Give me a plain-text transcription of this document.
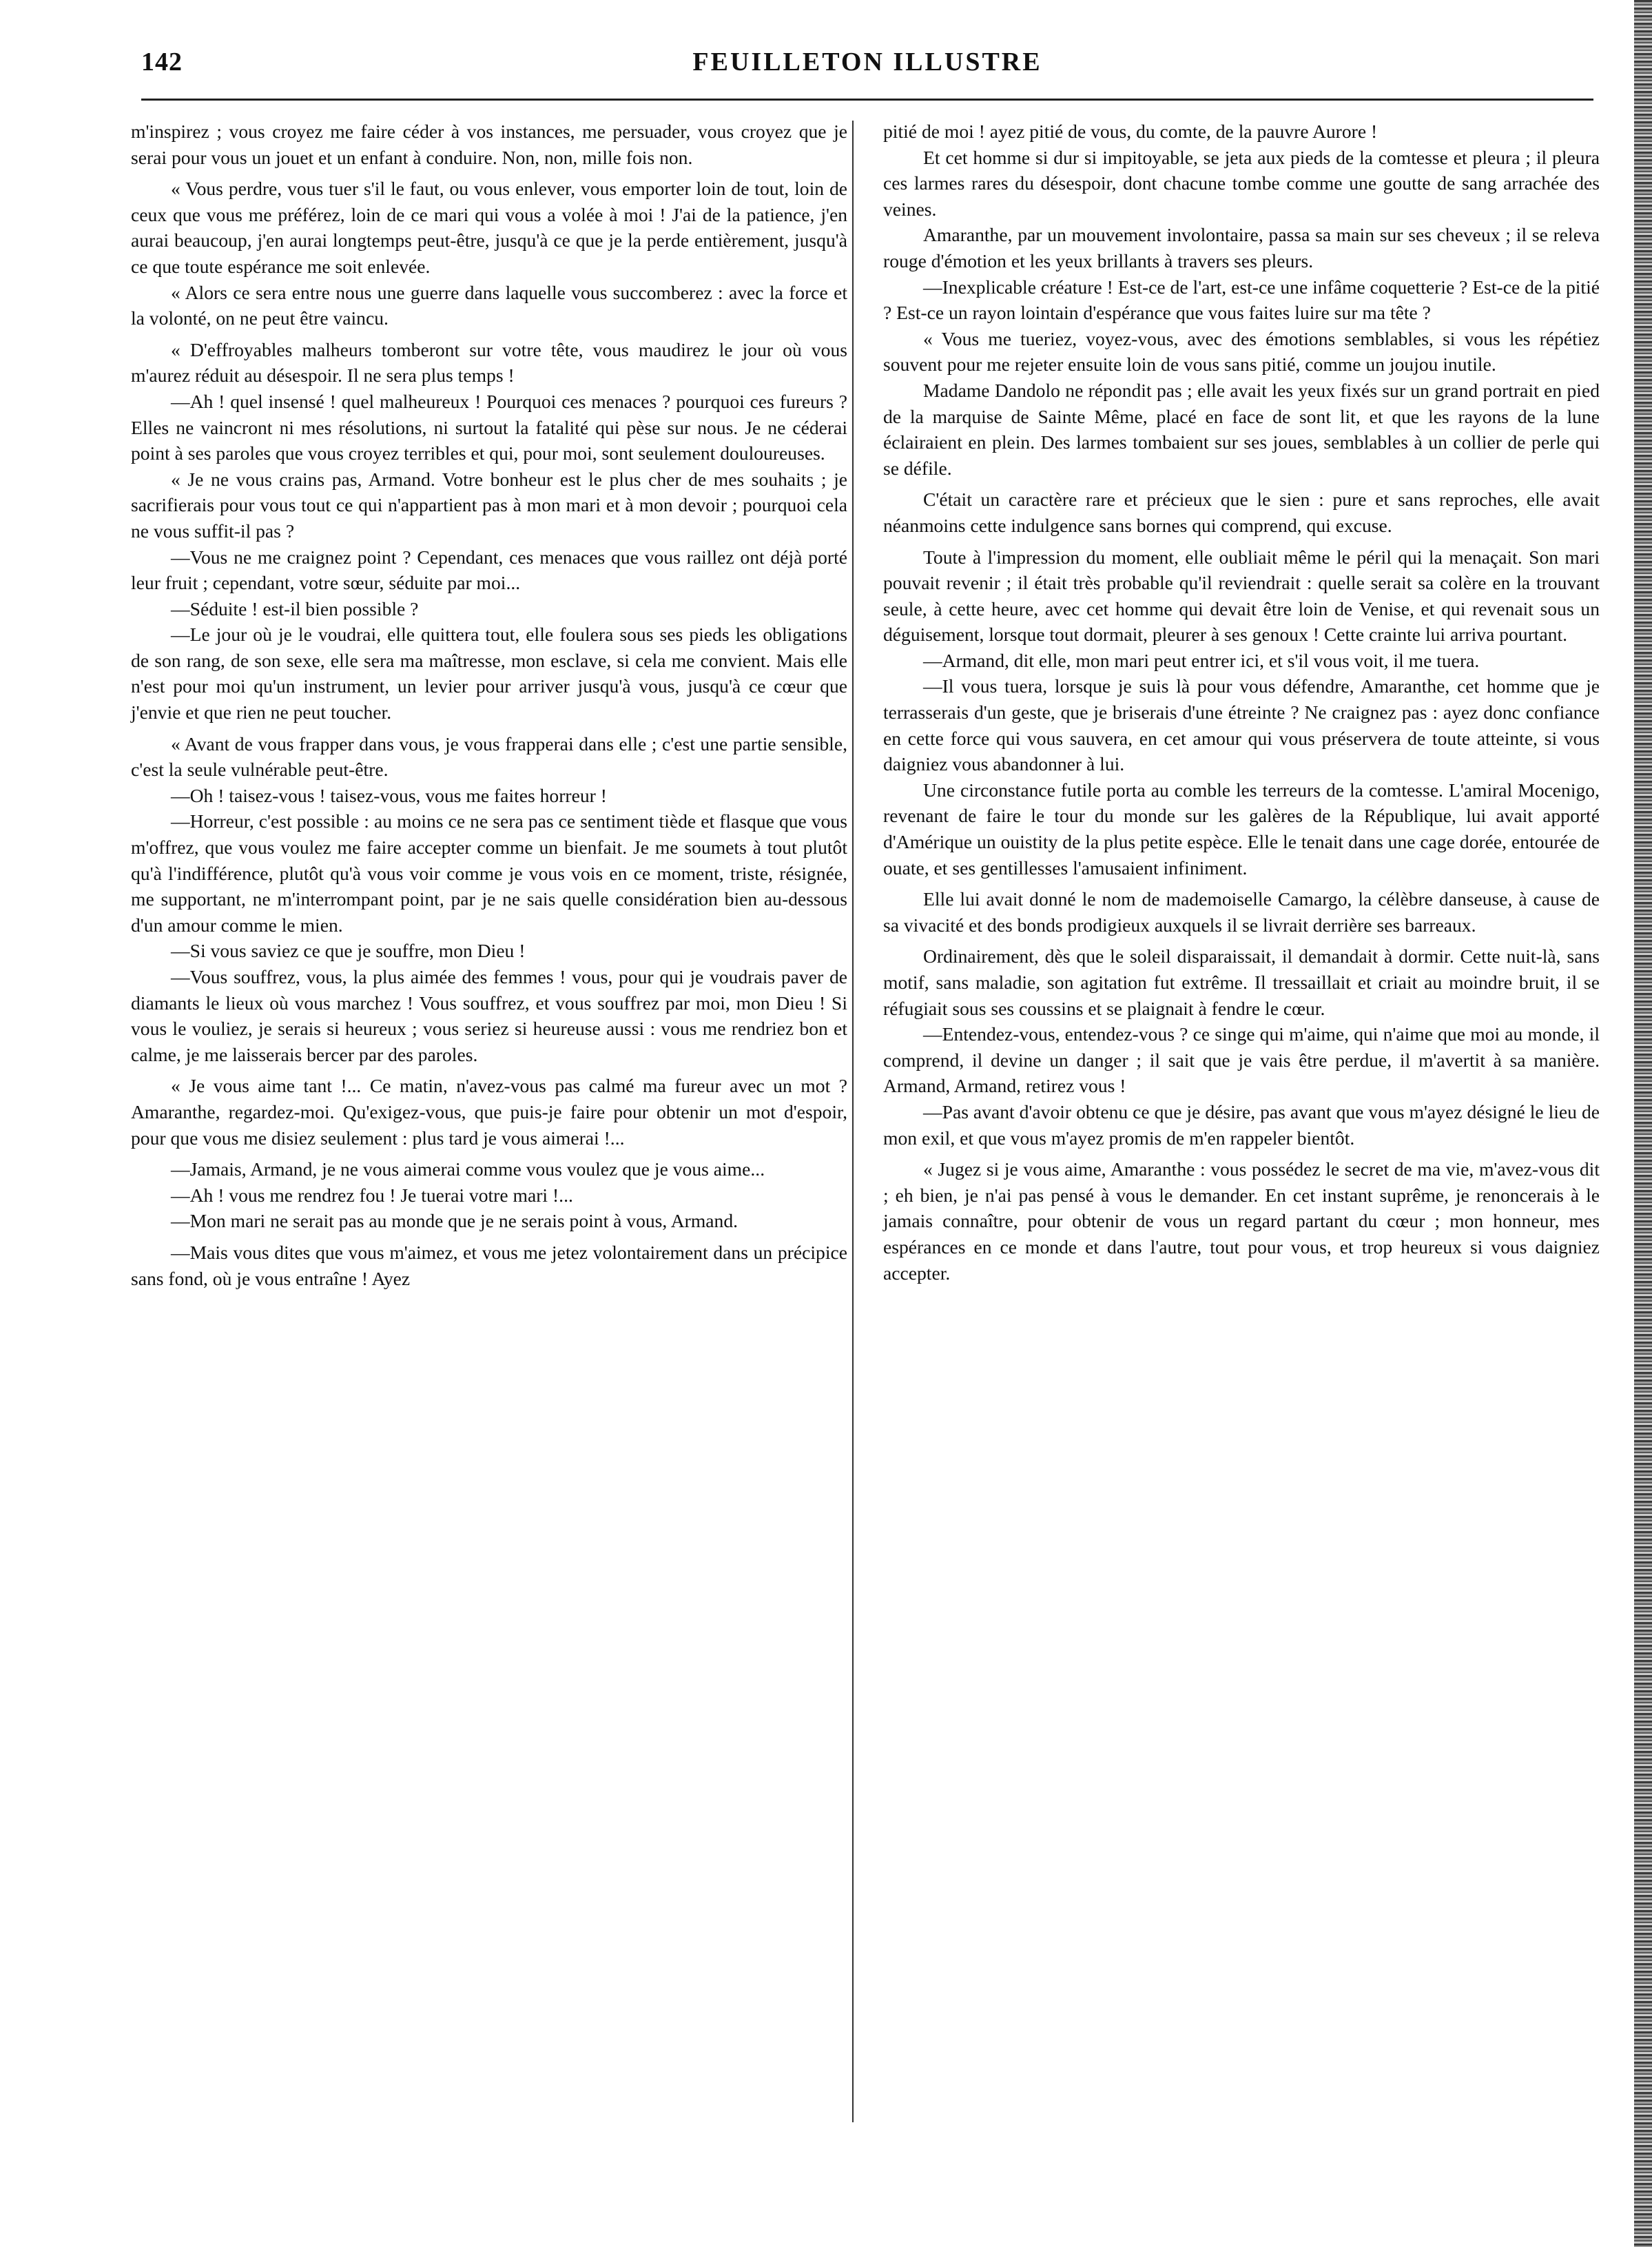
142	FEUILLETON ILLUSTRE

m'inspirez ; vous croyez me faire céder à vos instances, me persuader, vous croyez que je serai pour vous un jouet et un enfant à conduire. Non, non, mille fois non.

« Vous perdre, vous tuer s'il le faut, ou vous enlever, vous emporter loin de tout, loin de ceux que vous me préférez, loin de ce mari qui vous a volée à moi ! J'ai de la patience, j'en aurai beaucoup, j'en aurai longtemps peut-être, jusqu'à ce que je la perde entièrement, jusqu'à ce que toute espérance me soit enlevée.

« Alors ce sera entre nous une guerre dans laquelle vous succomberez : avec la force et la volonté, on ne peut être vaincu.

« D'effroyables malheurs tomberont sur votre tête, vous maudirez le jour où vous m'aurez réduit au désespoir. Il ne sera plus temps !

—Ah ! quel insensé ! quel malheureux ! Pourquoi ces menaces ? pourquoi ces fureurs ? Elles ne vaincront ni mes résolutions, ni surtout la fatalité qui pèse sur nous. Je ne céderai point à ses paroles que vous croyez terribles et qui, pour moi, sont seulement douloureuses.

« Je ne vous crains pas, Armand. Votre bonheur est le plus cher de mes souhaits ; je sacrifierais pour vous tout ce qui n'appartient pas à mon mari et à mon devoir ; pourquoi cela ne vous suffit-il pas ?

—Vous ne me craignez point ? Cependant, ces menaces que vous raillez ont déjà porté leur fruit ; cependant, votre sœur, séduite par moi...

—Séduite ! est-il bien possible ?

—Le jour où je le voudrai, elle quittera tout, elle foulera sous ses pieds les obligations de son rang, de son sexe, elle sera ma maîtresse, mon esclave, si cela me convient. Mais elle n'est pour moi qu'un instrument, un levier pour arriver jusqu'à vous, jusqu'à ce cœur que j'envie et que rien ne peut toucher.

« Avant de vous frapper dans vous, je vous frapperai dans elle ; c'est une partie sensible, c'est la seule vulnérable peut-être.

—Oh ! taisez-vous ! taisez-vous, vous me faites horreur !

—Horreur, c'est possible : au moins ce ne sera pas ce sentiment tiède et flasque que vous m'offrez, que vous voulez me faire accepter comme un bienfait. Je me soumets à tout plutôt qu'à l'indifférence, plutôt qu'à vous voir comme je vous vois en ce moment, triste, résignée, me supportant, ne m'interrompant point, par je ne sais quelle considération bien au-dessous d'un amour comme le mien.

—Si vous saviez ce que je souffre, mon Dieu !

—Vous souffrez, vous, la plus aimée des femmes ! vous, pour qui je voudrais paver de diamants le lieux où vous marchez ! Vous souffrez, et vous souffrez par moi, mon Dieu ! Si vous le vouliez, je serais si heureux ; vous seriez si heureuse aussi : vous me rendriez bon et calme, je me laisserais bercer par des paroles.

« Je vous aime tant !... Ce matin, n'avez-vous pas calmé ma fureur avec un mot ? Amaranthe, regardez-moi. Qu'exigez-vous, que puis-je faire pour obtenir un mot d'espoir, pour que vous me disiez seulement : plus tard je vous aimerai !...

—Jamais, Armand, je ne vous aimerai comme vous voulez que je vous aime...

—Ah ! vous me rendrez fou ! Je tuerai votre mari !...

—Mon mari ne serait pas au monde que je ne serais point à vous, Armand.

—Mais vous dites que vous m'aimez, et vous me jetez volontairement dans un précipice sans fond, où je vous entraîne ! Ayez

pitié de moi ! ayez pitié de vous, du comte, de la pauvre Aurore !

Et cet homme si dur si impitoyable, se jeta aux pieds de la comtesse et pleura ; il pleura ces larmes rares du désespoir, dont chacune tombe comme une goutte de sang arrachée des veines.

Amaranthe, par un mouvement involontaire, passa sa main sur ses cheveux ; il se releva rouge d'émotion et les yeux brillants à travers ses pleurs.

—Inexplicable créature ! Est-ce de l'art, est-ce une infâme coquetterie ? Est-ce de la pitié ? Est-ce un rayon lointain d'espérance que vous faites luire sur ma tête ?

« Vous me tueriez, voyez-vous, avec des émotions semblables, si vous les répétiez souvent pour me rejeter ensuite loin de vous sans pitié, comme un joujou inutile.

Madame Dandolo ne répondit pas ; elle avait les yeux fixés sur un grand portrait en pied de la marquise de Sainte Même, placé en face de sont lit, et que les rayons de la lune éclairaient en plein. Des larmes tombaient sur ses joues, semblables à un collier de perle qui se défile.

C'était un caractère rare et précieux que le sien : pure et sans reproches, elle avait néanmoins cette indulgence sans bornes qui comprend, qui excuse.

Toute à l'impression du moment, elle oubliait même le péril qui la menaçait. Son mari pouvait revenir ; il était très probable qu'il reviendrait : quelle serait sa colère en la trouvant seule, à cette heure, avec cet homme qui devait être loin de Venise, et qui revenait sous un déguisement, lorsque tout dormait, pleurer à ses genoux ! Cette crainte lui arriva pourtant.

—Armand, dit elle, mon mari peut entrer ici, et s'il vous voit, il me tuera.

—Il vous tuera, lorsque je suis là pour vous défendre, Amaranthe, cet homme que je terrasserais d'un geste, que je briserais d'une étreinte ? Ne craignez pas : ayez donc confiance en cette force qui vous sauvera, en cet amour qui vous préservera de toute atteinte, si vous daigniez vous abandonner à lui.

Une circonstance futile porta au comble les terreurs de la comtesse. L'amiral Mocenigo, revenant de faire le tour du monde sur les galères de la République, lui avait apporté d'Amérique un ouistity de la plus petite espèce. Elle le tenait dans une cage dorée, entourée de ouate, et ses gentillesses l'amusaient infiniment.

Elle lui avait donné le nom de mademoiselle Camargo, la célèbre danseuse, à cause de sa vivacité et des bonds prodigieux auxquels il se livrait derrière ses barreaux.

Ordinairement, dès que le soleil disparaissait, il demandait à dormir. Cette nuit-là, sans motif, sans maladie, son agitation fut extrême. Il tressaillait et criait au moindre bruit, il se réfugiait sous ses coussins et se plaignait à fendre le cœur.

—Entendez-vous, entendez-vous ? ce singe qui m'aime, qui n'aime que moi au monde, il comprend, il devine un danger ; il sait que je vais être perdue, il m'avertit à sa manière. Armand, Armand, retirez vous !

—Pas avant d'avoir obtenu ce que je désire, pas avant que vous m'ayez désigné le lieu de mon exil, et que vous m'ayez promis de m'en rappeler bientôt.

« Jugez si je vous aime, Amaranthe : vous possédez le secret de ma vie, m'avez-vous dit ; eh bien, je n'ai pas pensé à vous le demander. En cet instant suprême, je renoncerais à le jamais connaître, pour obtenir de vous un regard partant du cœur ; mon honneur, mes espérances en ce monde et dans l'autre, tout pour vous, et trop heureux si vous daigniez accepter.
